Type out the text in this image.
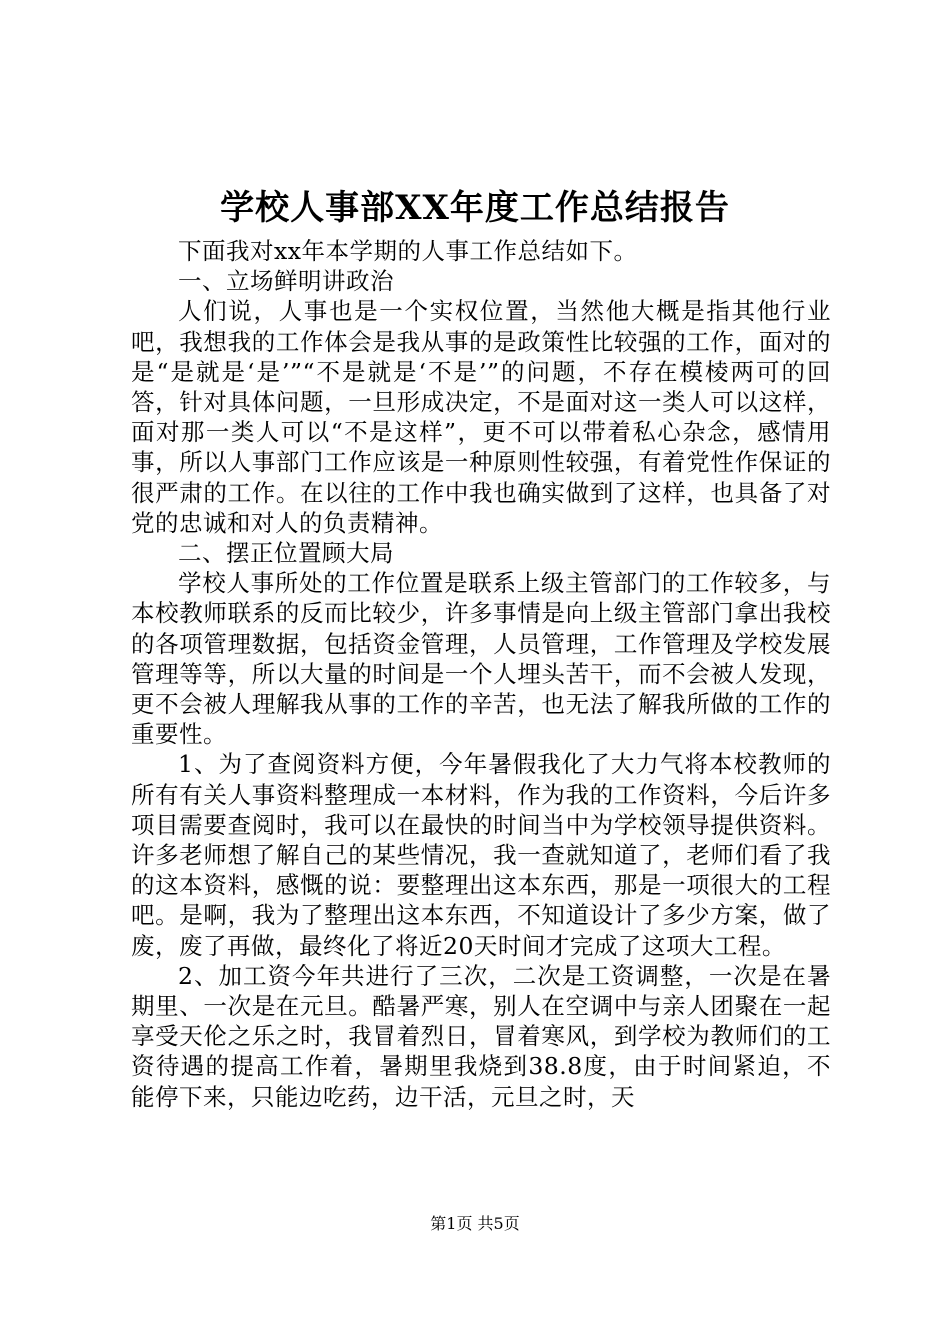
学校人事部XX年度工作总结报告

下面我对xx年本学期的人事工作总结如下。

一、立场鲜明讲政治

人们说，人事也是一个实权位置，当然他大概是指其他行业吧，我想我的工作体会是我从事的是政策性比较强的工作，面对的是“是就是‘是’”“不是就是‘不是’”的问题，不存在模棱两可的回答，针对具体问题，一旦形成决定，不是面对这一类人可以这样，面对那一类人可以“不是这样”，更不可以带着私心杂念，感情用事，所以人事部门工作应该是一种原则性较强，有着党性作保证的很严肃的工作。在以往的工作中我也确实做到了这样，也具备了对党的忠诚和对人的负责精神。

二、摆正位置顾大局

学校人事所处的工作位置是联系上级主管部门的工作较多，与本校教师联系的反而比较少，许多事情是向上级主管部门拿出我校的各项管理数据，包括资金管理，人员管理，工作管理及学校发展管理等等，所以大量的时间是一个人埋头苦干，而不会被人发现，更不会被人理解我从事的工作的辛苦，也无法了解我所做的工作的重要性。

1、为了查阅资料方便，今年暑假我化了大力气将本校教师的所有有关人事资料整理成一本材料，作为我的工作资料，今后许多项目需要查阅时，我可以在最快的时间当中为学校领导提供资料。许多老师想了解自己的某些情况，我一查就知道了，老师们看了我的这本资料，感慨的说：要整理出这本东西，那是一项很大的工程吧。是啊，我为了整理出这本东西，不知道设计了多少方案，做了废，废了再做，最终化了将近20天时间才完成了这项大工程。

2、加工资今年共进行了三次，二次是工资调整，一次是在暑期里、一次是在元旦。酷暑严寒，别人在空调中与亲人团聚在一起享受天伦之乐之时，我冒着烈日，冒着寒风，到学校为教师们的工资待遇的提高工作着，暑期里我烧到38.8度，由于时间紧迫，不能停下来，只能边吃药，边干活，元旦之时，天

第1页 共5页
